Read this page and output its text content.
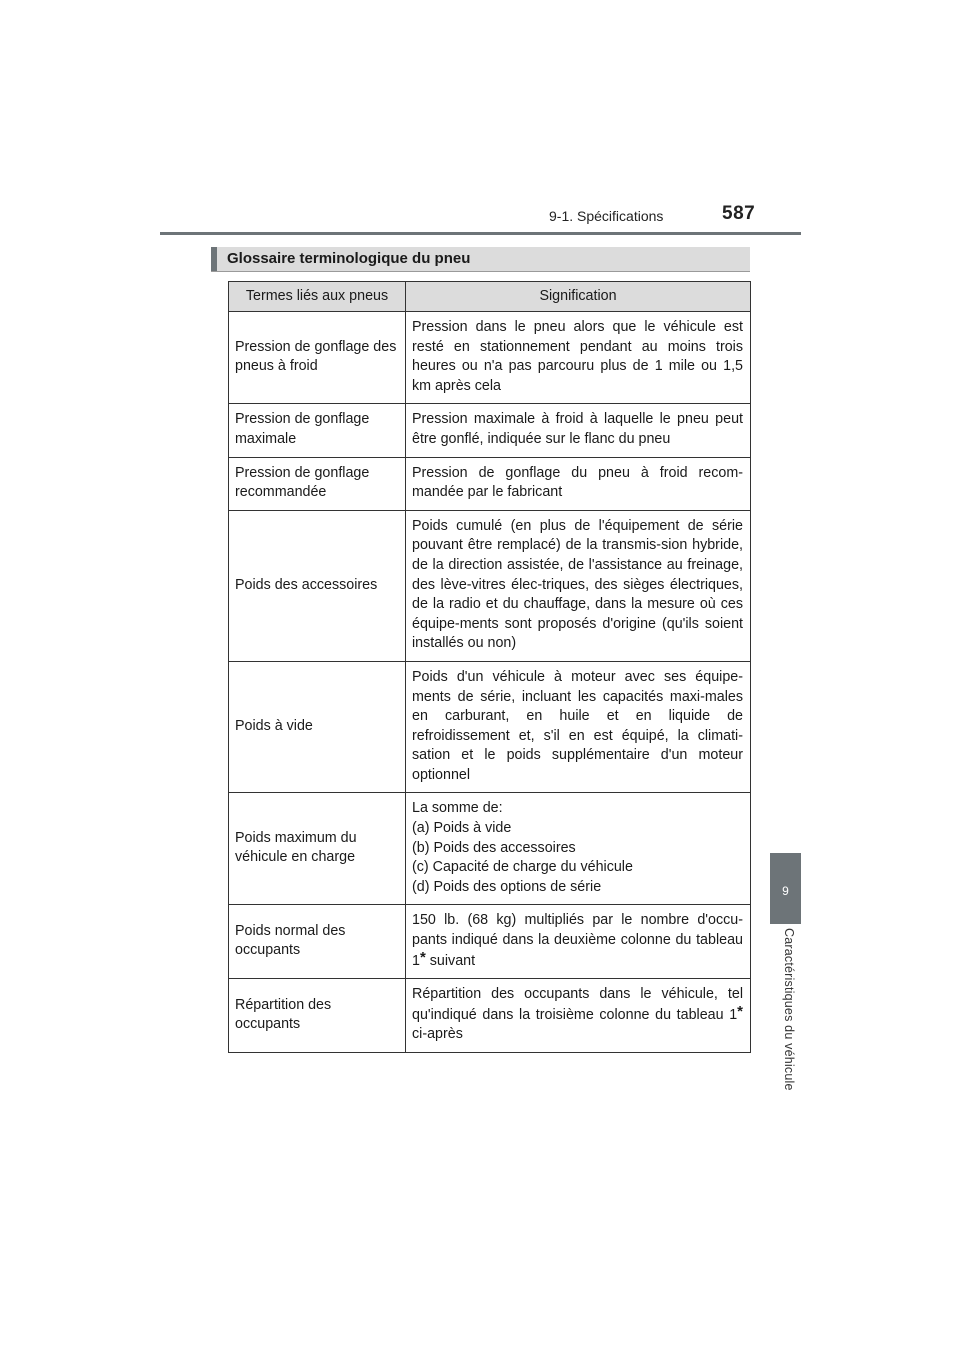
9-1. Spécifications	587
9
Caractéristiques du véhicule
Glossaire terminologique du pneu
Termes liés aux pneus	Signification
Pression de gonflage des pneus à froid	Pression dans le pneu alors que le véhicule est resté en stationnement pendant au moins trois heures ou n'a pas parcouru plus de 1 mile ou 1,5 km après cela
Pression de gonflage maximale	Pression maximale à froid à laquelle le pneu peut être gonflé, indiquée sur le flanc du pneu
Pression de gonflage recommandée	Pression de gonflage du pneu à froid recom-mandée par le fabricant
Poids des accessoires	Poids cumulé (en plus de l'équipement de série pouvant être remplacé) de la transmis-sion hybride, de la direction assistée, de l'assistance au freinage, des lève-vitres élec-triques, des sièges électriques, de la radio et du chauffage, dans la mesure où ces équipe-ments sont proposés d'origine (qu'ils soient installés ou non)
Poids à vide	Poids d'un véhicule à moteur avec ses équipe-ments de série, incluant les capacités maxi-males en carburant, en huile et en liquide de refroidissement et, s'il en est équipé, la climati-sation et le poids supplémentaire d'un moteur optionnel
Poids maximum du véhicule en charge	La somme de:
(a) Poids à vide
(b) Poids des accessoires
(c) Capacité de charge du véhicule
(d) Poids des options de série

Poids normal des occupants	150 lb. (68 kg) multipliés par le nombre d'occu-pants indiqué dans la deuxième colonne du tableau 1* suivant
Répartition des occupants	Répartition des occupants dans le véhicule, tel qu'indiqué dans la troisième colonne du tableau 1* ci-après
